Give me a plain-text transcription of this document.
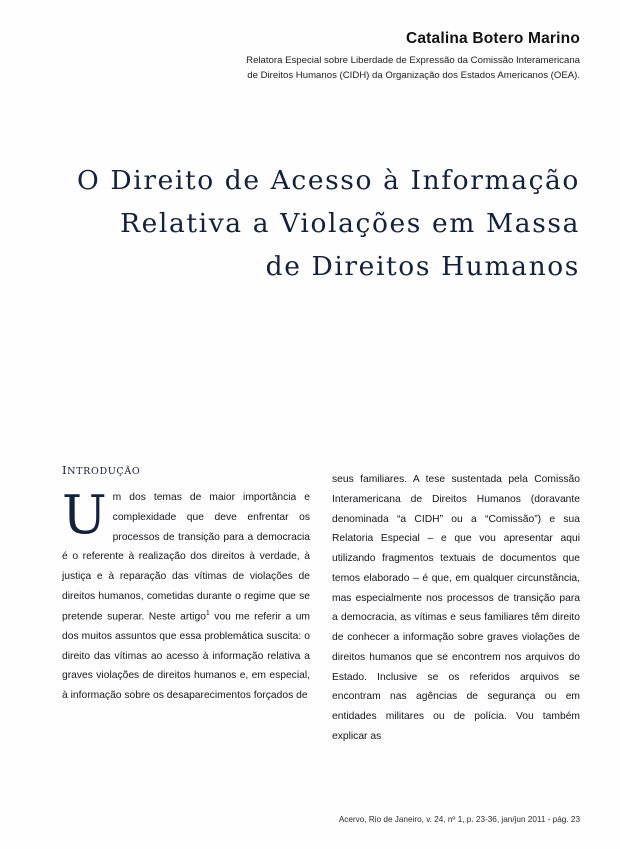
Catalina Botero Marino
Relatora Especial sobre Liberdade de Expressão da Comissão Interamericana
de Direitos Humanos (CIDH) da Organização dos Estados Americanos (OEA).
O Direito de Acesso à Informação
Relativa a Violações em Massa
de Direitos Humanos
INTRODUÇÃO

Um dos temas de maior importância e complexidade que deve enfrentar os processos de transição para a democracia é o referente à realização dos direitos à verdade, à justiça e à reparação das vítimas de violações de direitos humanos, cometidas durante o regime que se pretende superar. Neste artigo$^1$ vou me referir a um dos muitos assuntos que essa problemática suscita: o direito das vítimas ao acesso à informação relativa a graves violações de direitos humanos e, em especial, à informação sobre os desaparecimentos forçados de

seus familiares. A tese sustentada pela Comissão Interamericana de Direitos Humanos (doravante denominada “a CIDH” ou a “Comissão”) e sua Relatoria Especial – e que vou apresentar aqui utilizando fragmentos textuais de documentos que temos elaborado – é que, em qualquer circunstância, mas especialmente nos processos de transição para a democracia, as vítimas e seus familiares têm direito de conhecer a informação sobre graves violações de direitos humanos que se encontrem nos arquivos do Estado. Inclusive se os referidos arquivos se encontram nas agências de segurança ou em entidades militares ou de polícia. Vou também explicar as

Acervo, Rio de Janeiro, v. 24, nº 1, p. 23-36, jan/jun 2011 - pág. 23
